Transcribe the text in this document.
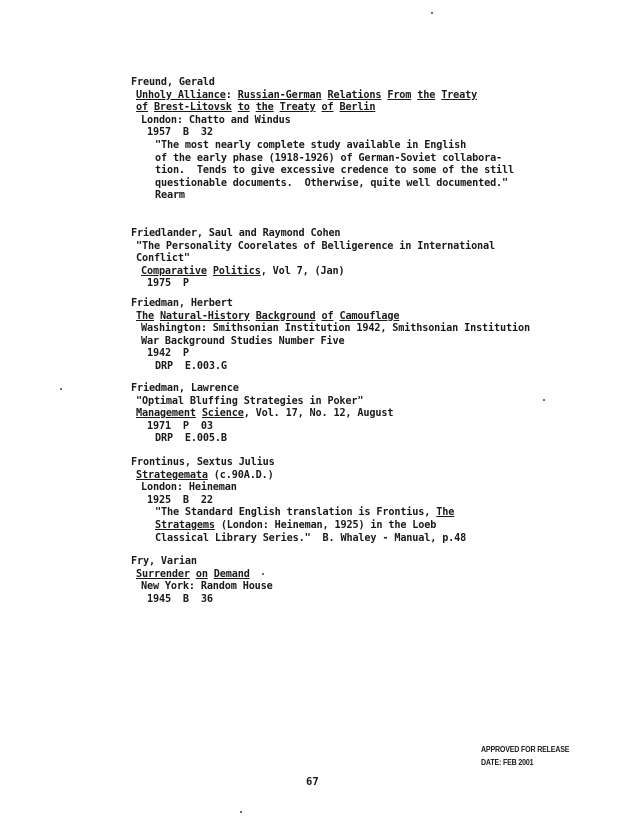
Freund, Gerald
Unholy Alliance: Russian-German Relations From the Treaty
of Brest-Litovsk to the Treaty of Berlin
London: Chatto and Windus
1957  B  32
"The most nearly complete study available in English
of the early phase (1918-1926) of German-Soviet collabora-
tion.  Tends to give excessive credence to some of the still
questionable documents.  Otherwise, quite well documented."
Rearm
Friedlander, Saul and Raymond Cohen
"The Personality Coorelates of Belligerence in International
Conflict"
Comparative Politics, Vol 7, (Jan)
1975  P
Friedman, Herbert
The Natural-History Background of Camouflage
Washington: Smithsonian Institution 1942, Smithsonian Institution
War Background Studies Number Five
1942  P
DRP  E.003.G
Friedman, Lawrence
"Optimal Bluffing Strategies in Poker"
Management Science, Vol. 17, No. 12, August
1971  P  03
DRP  E.005.B
Frontinus, Sextus Julius
Strategemata (c.90A.D.)
London: Heineman
1925  B  22
"The Standard English translation is Frontius, The
Stratagems (London: Heineman, 1925) in the Loeb
Classical Library Series."  B. Whaley - Manual, p.48
Fry, Varian
Surrender on Demand
New York: Random House
1945  B  36
APPROVED FOR RELEASE
DATE: FEB 2001
67
